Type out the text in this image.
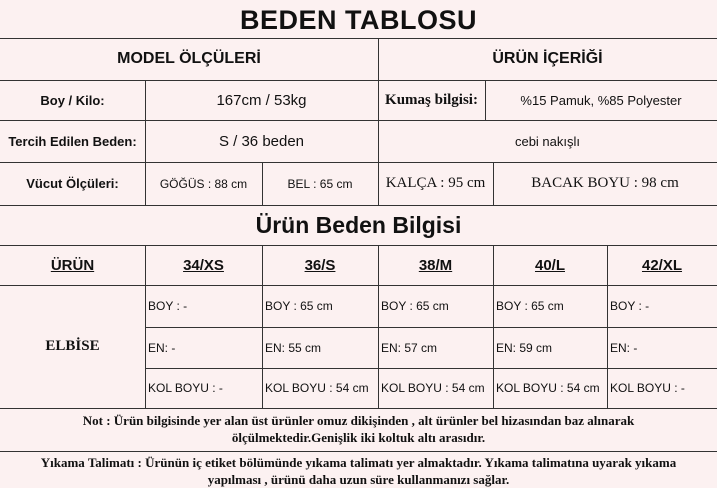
BEDEN TABLOSU
Ürün Beden Bilgisi
MODEL ÖLÇÜLERİ	ÜRÜN İÇERİĞİ
Boy / Kilo:	167cm / 53kg	Kumaş bilgisi:	%15 Pamuk, %85 Polyester
Tercih Edilen Beden:	S / 36 beden	cebi nakışlı
Vücut Ölçüleri:	GÖĞÜS : 88 cm	BEL : 65 cm	KALÇA : 95 cm	BACAK BOYU : 98 cm
ÜRÜN	34/XS	36/S	38/M	40/L	42/XL
ELBİSE
BOY : -	BOY : 65 cm	BOY : 65 cm	BOY : 65 cm	BOY : -
EN: -	EN: 55 cm	EN: 57 cm	EN: 59 cm	EN: -
KOL BOYU : -	KOL BOYU : 54 cm	KOL BOYU : 54 cm KOL BOYU : 54 cm KOL BOYU : -
Not : Ürün bilgisinde yer alan üst ürünler omuz dikişinden , alt ürünler bel hizasından baz alınarak
ölçülmektedir.Genişlik iki koltuk altı arasıdır.
Yıkama Talimatı : Ürünün iç etiket bölümünde yıkama talimatı yer almaktadır. Yıkama talimatına uyarak yıkama
yapılması , ürünü daha uzun süre kullanmanızı sağlar.
